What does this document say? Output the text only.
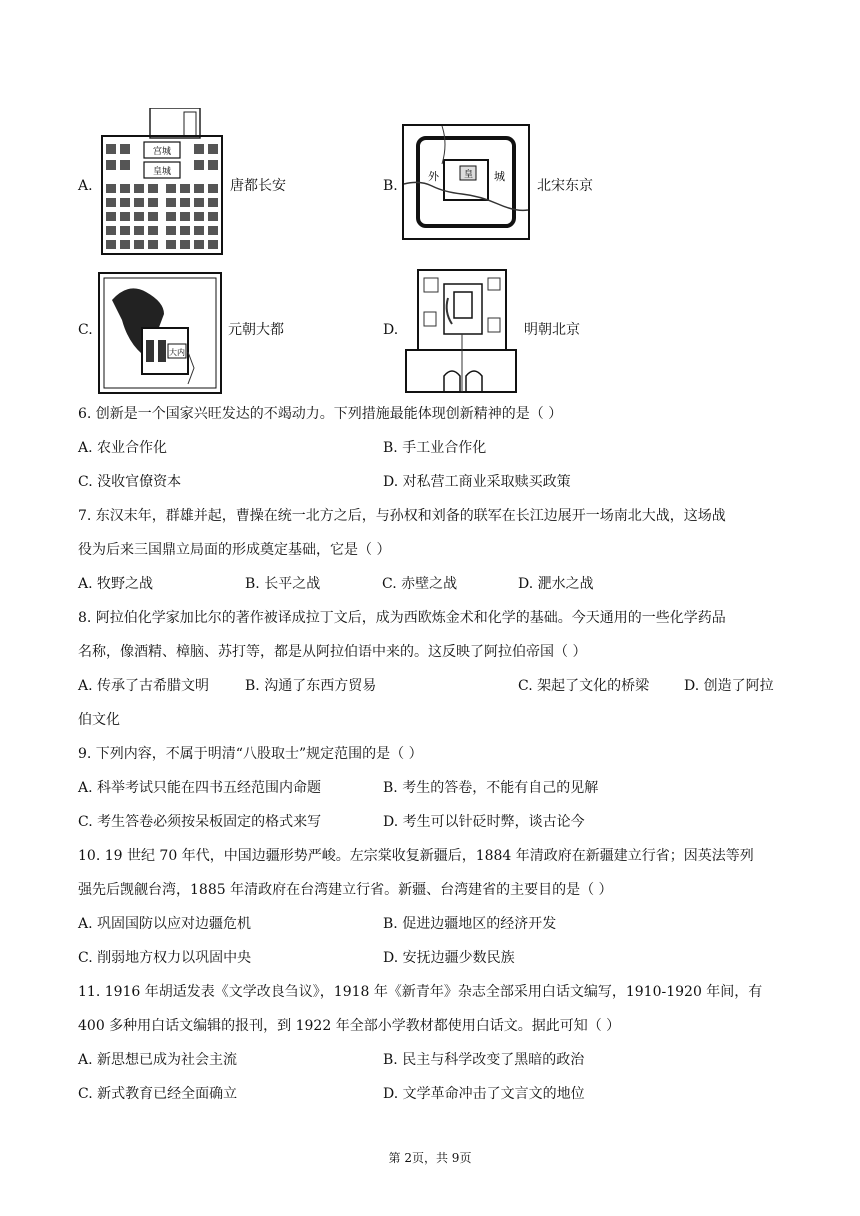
A.
宫城
皇城
唐都长安	B.
外	城
皇
北宋东京
C.
大内
元朝大都	D.	明朝北京
6. 创新是一个国家兴旺发达的不竭动力。下列措施最能体现创新精神的是（ ）
A. 农业合作化	B. 手工业合作化
C. 没收官僚资本	D. 对私营工商业采取赎买政策
7. 东汉末年，群雄并起，曹操在统一北方之后，与孙权和刘备的联军在长江边展开一场南北大战，这场战
役为后来三国鼎立局面的形成奠定基础，它是（ ）
A. 牧野之战	B. 长平之战	C. 赤壁之战	D. 淝水之战
8. 阿拉伯化学家加比尔的著作被译成拉丁文后，成为西欧炼金术和化学的基础。今天通用的一些化学药品
名称，像酒精、樟脑、苏打等，都是从阿拉伯语中来的。这反映了阿拉伯帝国（ ）
A. 传承了古希腊文明	B. 沟通了东西方贸易	C. 架起了文化的桥梁 D. 创造了阿拉
伯文化
9. 下列内容，不属于明清“八股取士”规定范围的是（ ）
A. 科举考试只能在四书五经范围内命题	B. 考生的答卷，不能有自己的见解
C. 考生答卷必须按呆板固定的格式来写	D. 考生可以针砭时弊，谈古论今
10. 19 世纪 70 年代，中国边疆形势严峻。左宗棠收复新疆后，1884 年清政府在新疆建立行省；因英法等列
强先后觊觎台湾，1885 年清政府在台湾建立行省。新疆、台湾建省的主要目的是（ ）
A. 巩固国防以应对边疆危机	B. 促进边疆地区的经济开发
C. 削弱地方权力以巩固中央	D. 安抚边疆少数民族
11. 1916 年胡适发表《文学改良刍议》，1918 年《新青年》杂志全部采用白话文编写，1910-1920 年间，有
400 多种用白话文编辑的报刊，到 1922 年全部小学教材都使用白话文。据此可知（ ）
A. 新思想已成为社会主流	B. 民主与科学改变了黑暗的政治
C. 新式教育已经全面确立	D. 文学革命冲击了文言文的地位
第 2页，共 9页
